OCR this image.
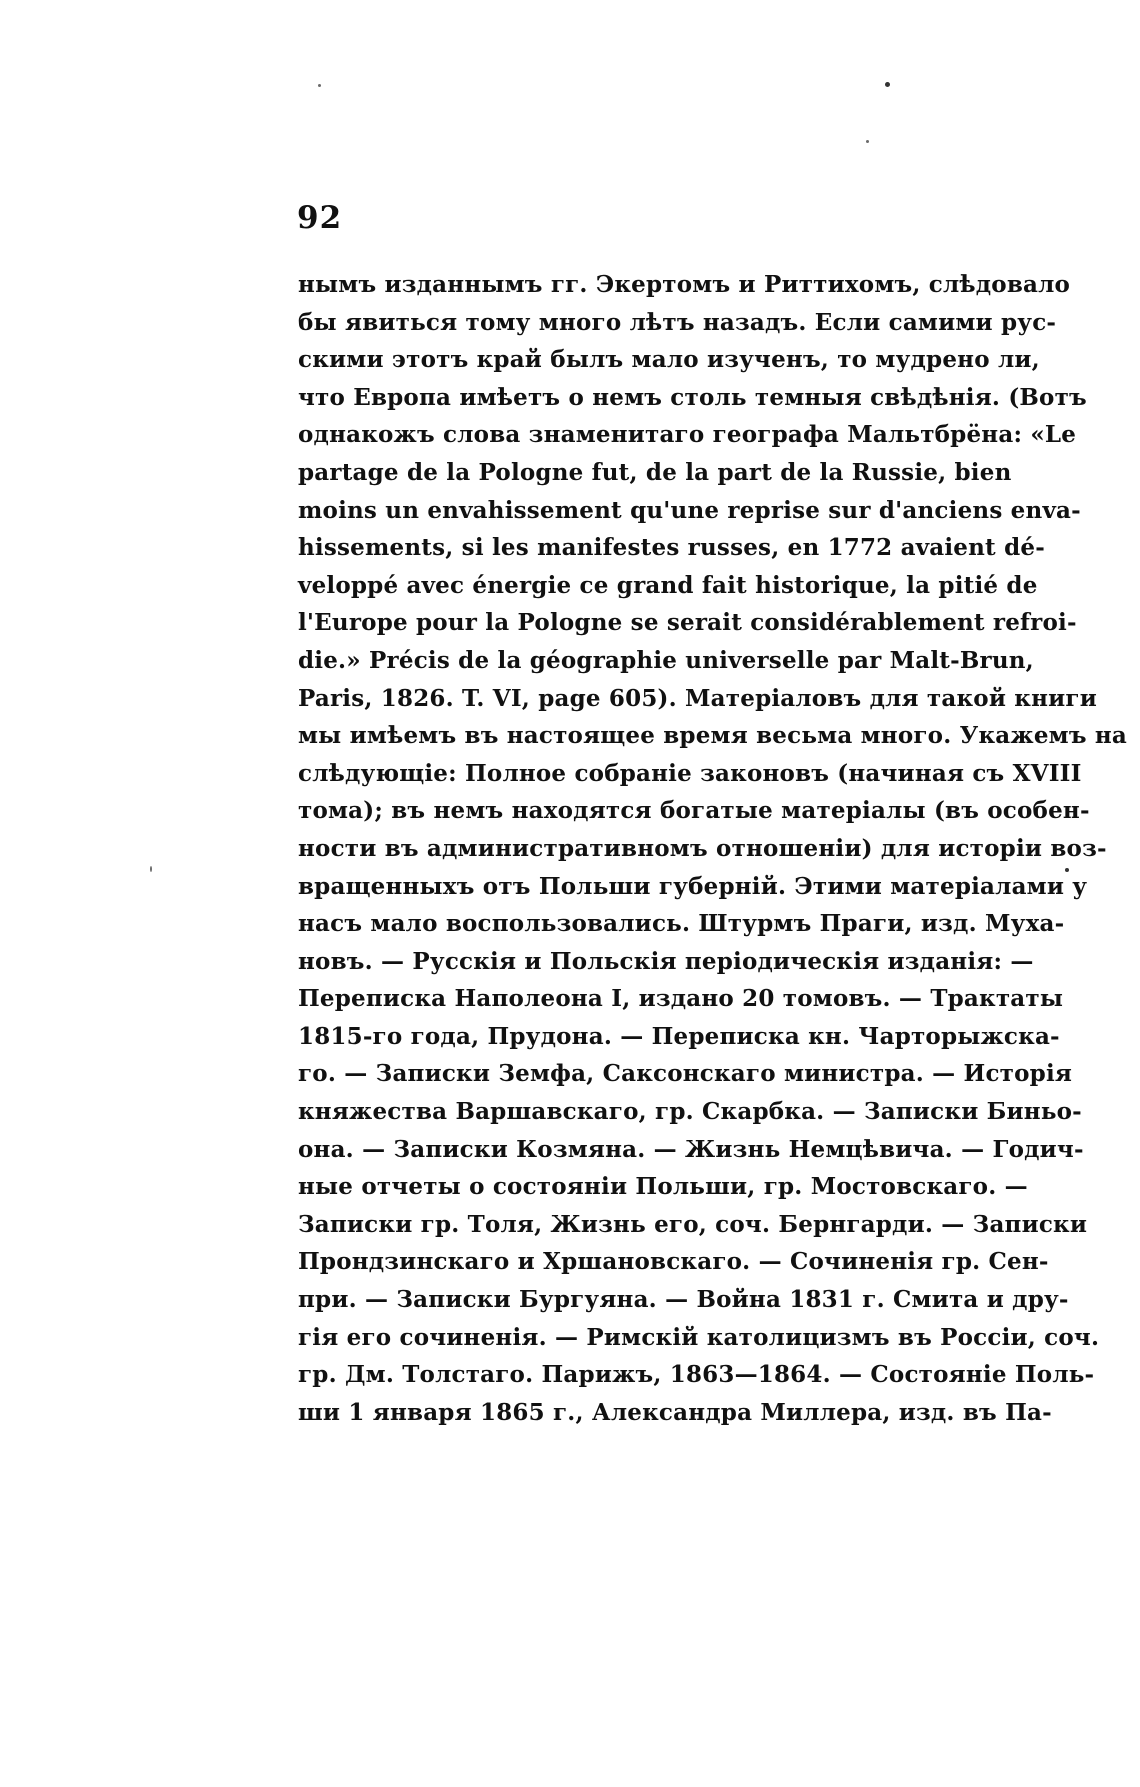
92
нымъ изданнымъ гг. Экертомъ и Риттихомъ, слѣдовало
бы явиться тому много лѣтъ назадъ. Если самими рус-
скими этотъ край былъ мало изученъ, то мудрено ли,
что Европа имѣетъ о немъ столь темныя свѣдѣнія. (Вотъ
однакожъ слова знаменитаго географа Мальтбрёна: «Le
partage de la Pologne fut, de la part de la Russie, bien
moins un envahissement qu'une reprise sur d'anciens enva-
hissements, si les manifestes russes, en 1772 avaient dé-
veloppé avec énergie ce grand fait historique, la pitié de
l'Europe pour la Pologne se serait considérablement refroi-
die.» Précis de la géographie universelle par Malt-Brun,
Paris, 1826. T. VI, page 605). Матеріаловъ для такой книги
мы имѣемъ въ настоящее время весьма много. Укажемъ на
слѣдующіе: Полное собраніе законовъ (начиная съ XVIII
тома); въ немъ находятся богатые матеріалы (въ особен-
ности въ административномъ отношеніи) для исторіи воз-
вращенныхъ отъ Польши губерній. Этими матеріалами у
насъ мало воспользовались. Штурмъ Праги, изд. Муха-
новъ. — Русскія и Польскія періодическія изданія: —
Переписка Наполеона I, издано 20 томовъ. — Трактаты
1815-го года, Прудона. — Переписка кн. Чарторыжска-
го. — Записки Земфа, Саксонскаго министра. — Исторія
княжества Варшавскаго, гр. Скарбка. — Записки Биньо-
она. — Записки Козмяна. — Жизнь Немцѣвича. — Годич-
ные отчеты о состояніи Польши, гр. Мостовскаго. —
Записки гр. Толя, Жизнь его, соч. Бернгарди. — Записки
Прондзинскаго и Хршановскаго. — Сочиненія гр. Сен-
при. — Записки Бургуяна. — Война 1831 г. Смита и дру-
гія его сочиненія. — Римскій католицизмъ въ Россіи, соч.
гр. Дм. Толстаго. Парижъ, 1863—1864. — Состояніе Поль-
ши 1 января 1865 г., Александра Миллера, изд. въ Па-
